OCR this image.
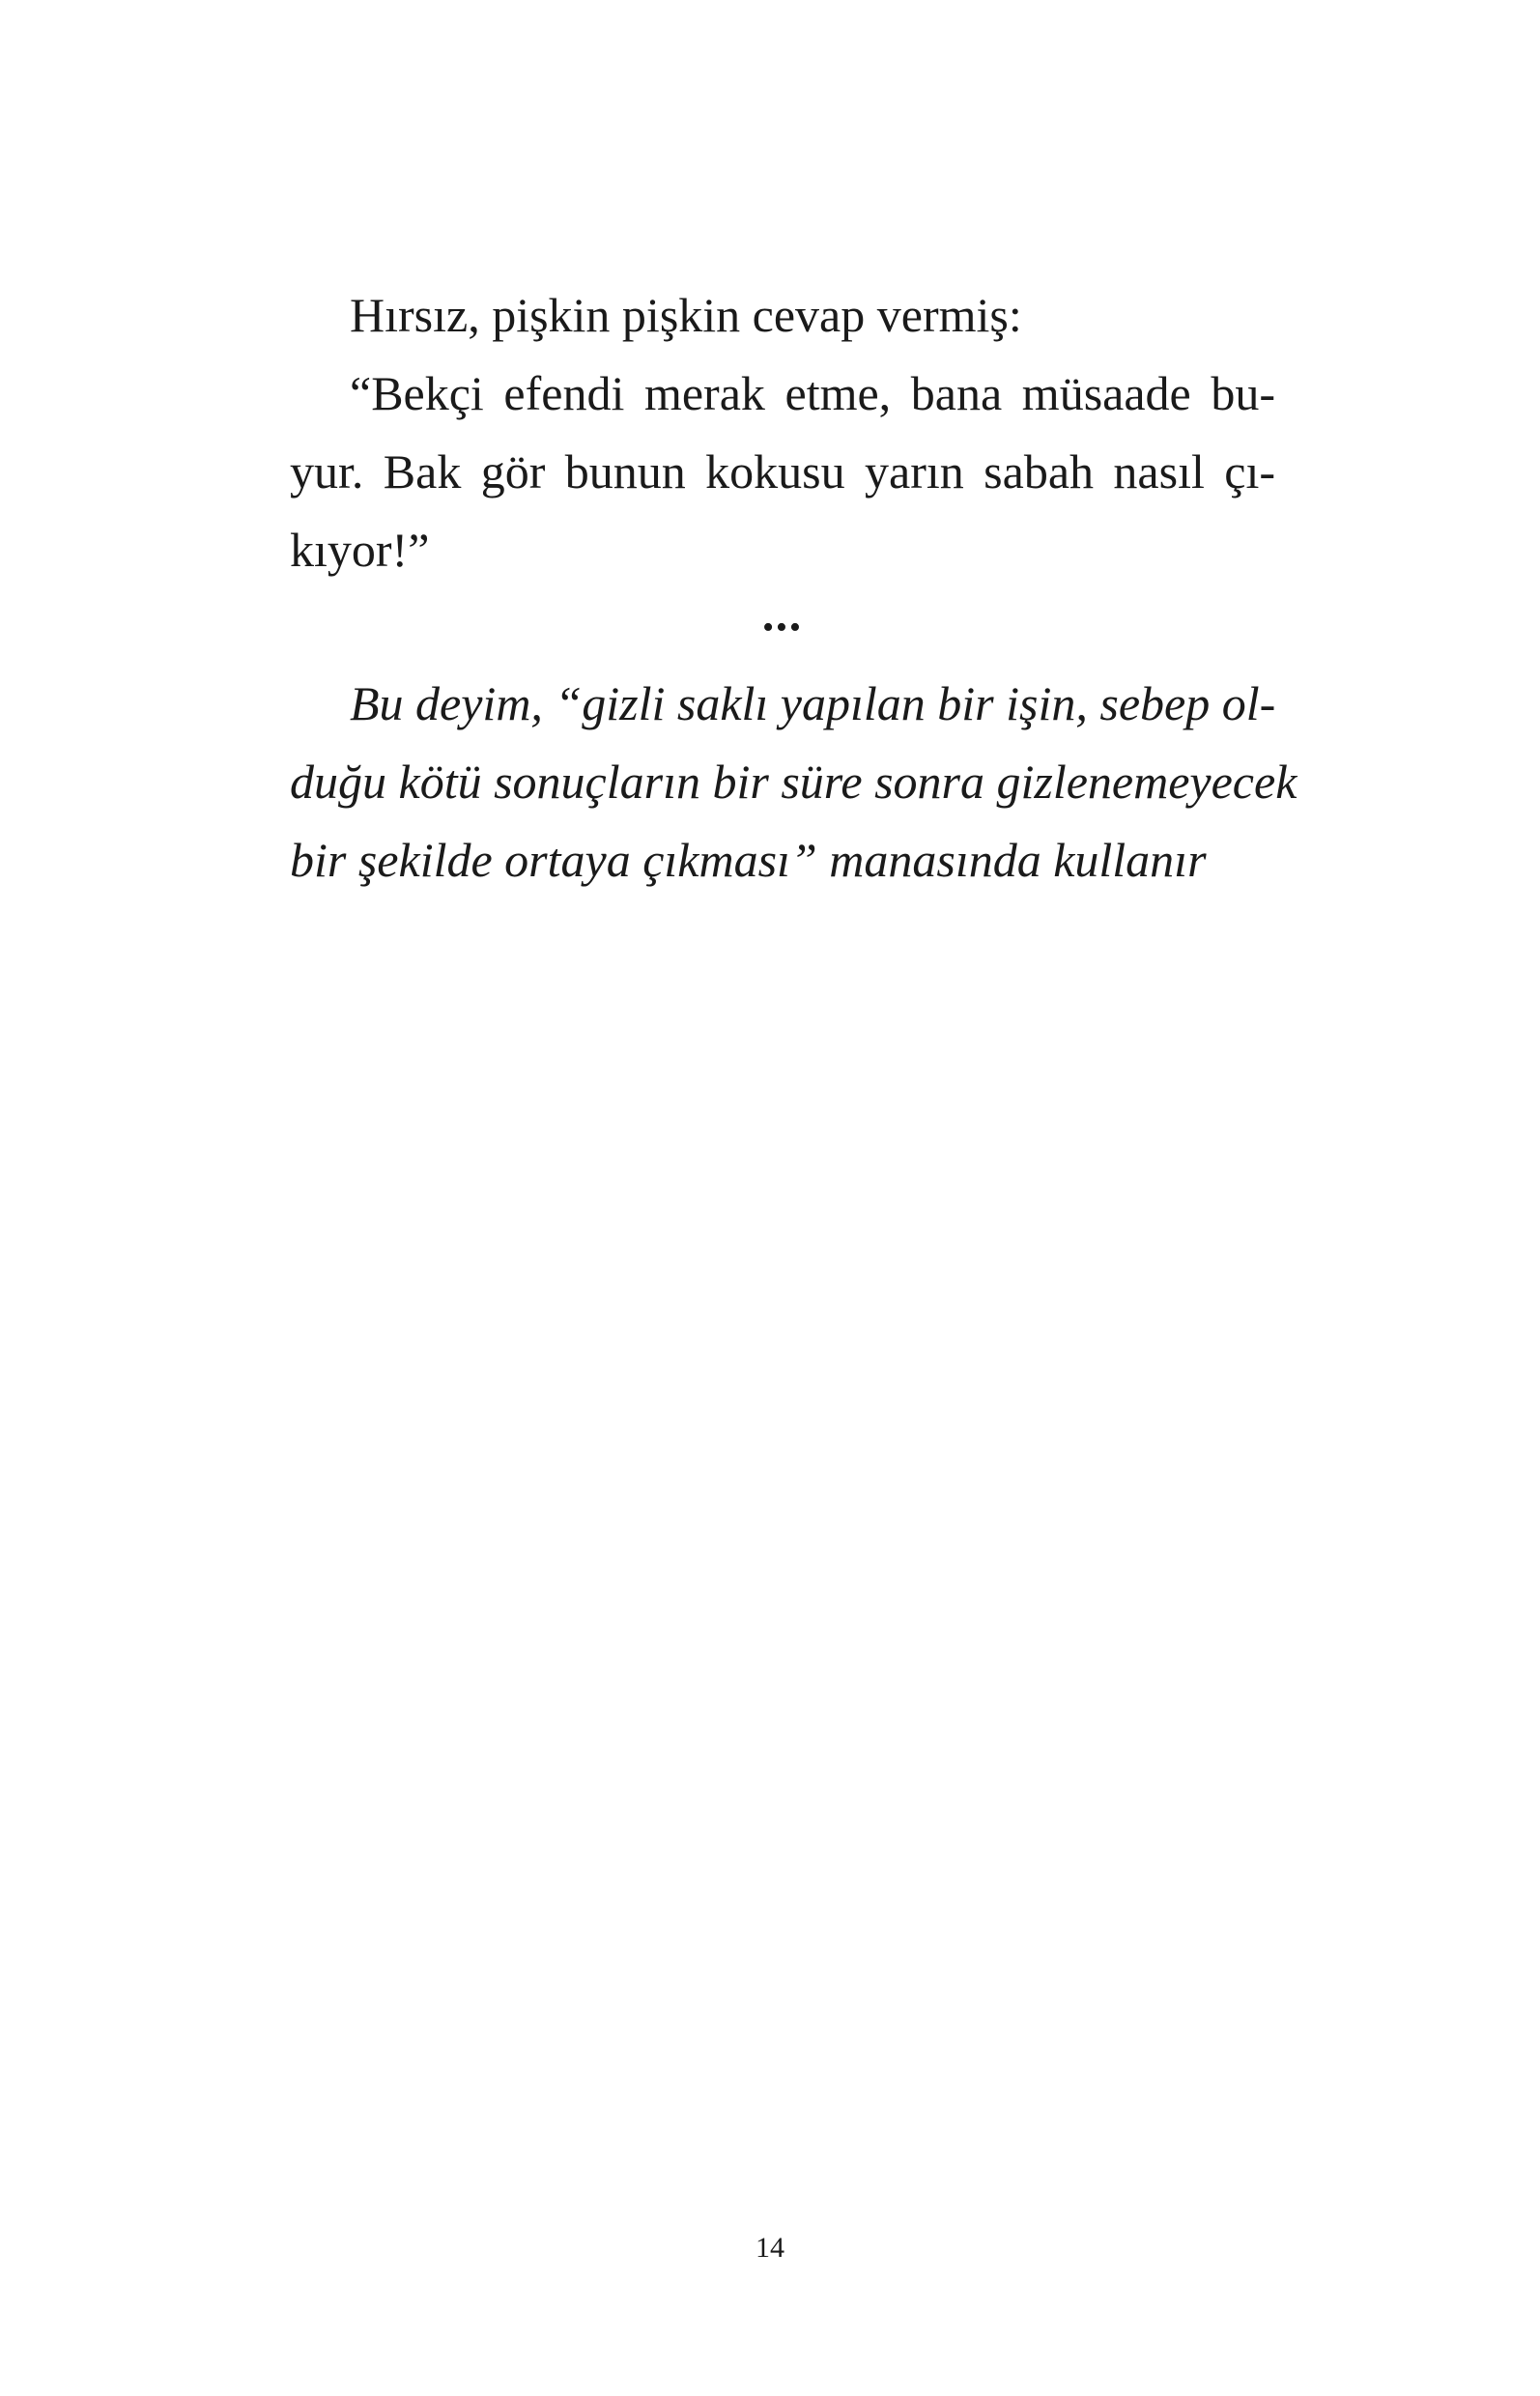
Hırsız, pişkin pişkin cevap vermiş:
“Bekçi efendi merak etme, bana müsaade bu-
yur. Bak gör bunun kokusu yarın sabah nasıl çı-
kıyor!”
•••
Bu deyim, “gizli saklı yapılan bir işin, sebep ol-
duğu kötü sonuçların bir süre sonra gizlenemeyecek
bir şekilde ortaya çıkması” manasında kullanır
14
